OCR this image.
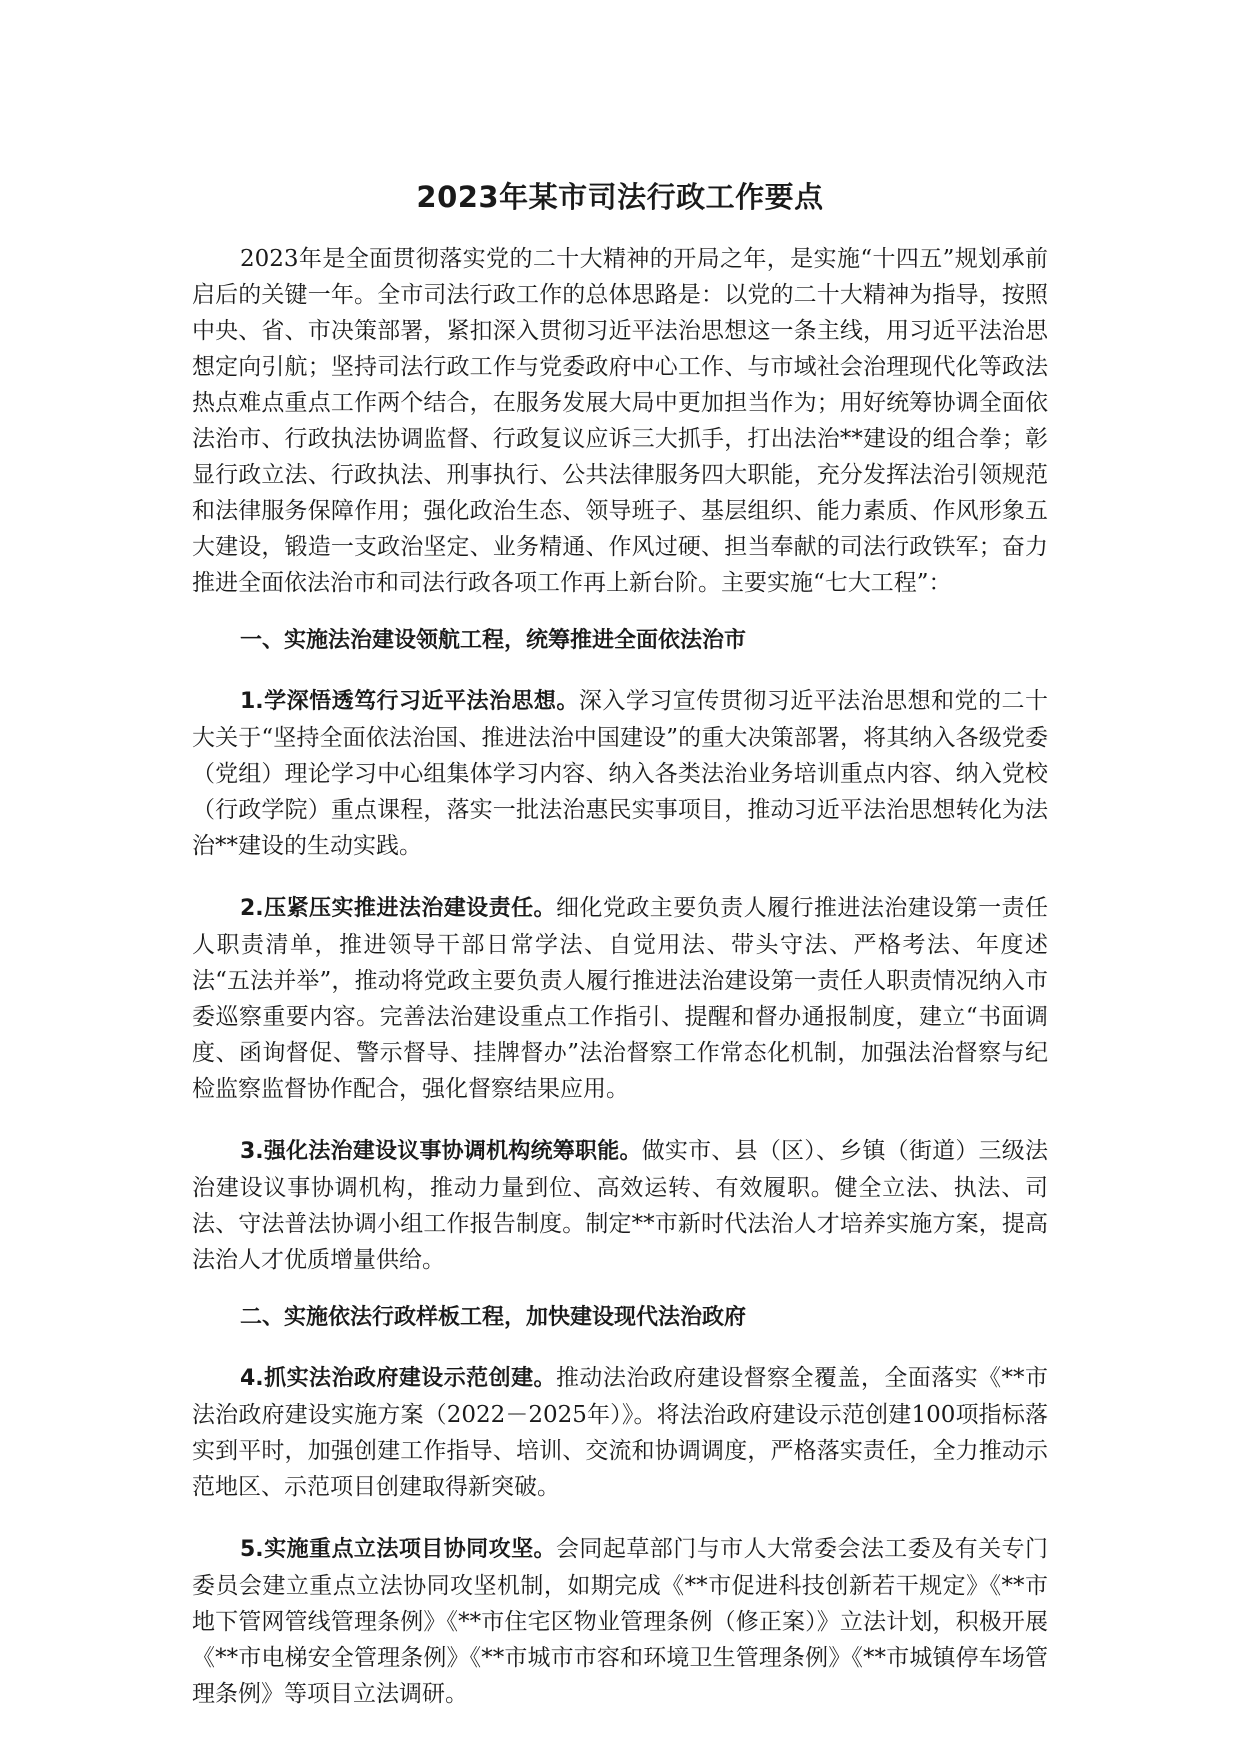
2023年某市司法行政工作要点

2023年是全面贯彻落实党的二十大精神的开局之年，是实施“十四五”规划承前启后的关键一年。全市司法行政工作的总体思路是：以党的二十大精神为指导，按照中央、省、市决策部署，紧扣深入贯彻习近平法治思想这一条主线，用习近平法治思想定向引航；坚持司法行政工作与党委政府中心工作、与市域社会治理现代化等政法热点难点重点工作两个结合，在服务发展大局中更加担当作为；用好统筹协调全面依法治市、行政执法协调监督、行政复议应诉三大抓手，打出法治**建设的组合拳；彰显行政立法、行政执法、刑事执行、公共法律服务四大职能，充分发挥法治引领规范和法律服务保障作用；强化政治生态、领导班子、基层组织、能力素质、作风形象五大建设，锻造一支政治坚定、业务精通、作风过硬、担当奉献的司法行政铁军；奋力推进全面依法治市和司法行政各项工作再上新台阶。主要实施“七大工程”：

一、实施法治建设领航工程，统筹推进全面依法治市

1.学深悟透笃行习近平法治思想。深入学习宣传贯彻习近平法治思想和党的二十大关于“坚持全面依法治国、推进法治中国建设”的重大决策部署，将其纳入各级党委（党组）理论学习中心组集体学习内容、纳入各类法治业务培训重点内容、纳入党校（行政学院）重点课程，落实一批法治惠民实事项目，推动习近平法治思想转化为法治**建设的生动实践。

2.压紧压实推进法治建设责任。细化党政主要负责人履行推进法治建设第一责任人职责清单，推进领导干部日常学法、自觉用法、带头守法、严格考法、年度述法“五法并举”，推动将党政主要负责人履行推进法治建设第一责任人职责情况纳入市委巡察重要内容。完善法治建设重点工作指引、提醒和督办通报制度，建立“书面调度、函询督促、警示督导、挂牌督办”法治督察工作常态化机制，加强法治督察与纪检监察监督协作配合，强化督察结果应用。

3.强化法治建设议事协调机构统筹职能。做实市、县（区）、乡镇（街道）三级法治建设议事协调机构，推动力量到位、高效运转、有效履职。健全立法、执法、司法、守法普法协调小组工作报告制度。制定**市新时代法治人才培养实施方案，提高法治人才优质增量供给。

二、实施依法行政样板工程，加快建设现代法治政府

4.抓实法治政府建设示范创建。推动法治政府建设督察全覆盖，全面落实《**市法治政府建设实施方案（2022－2025年）》。将法治政府建设示范创建100项指标落实到平时，加强创建工作指导、培训、交流和协调调度，严格落实责任，全力推动示范地区、示范项目创建取得新突破。

5.实施重点立法项目协同攻坚。会同起草部门与市人大常委会法工委及有关专门委员会建立重点立法协同攻坚机制，如期完成《**市促进科技创新若干规定》《**市地下管网管线管理条例》《**市住宅区物业管理条例（修正案）》立法计划，积极开展《**市电梯安全管理条例》《**市城市市容和环境卫生管理条例》《**市城镇停车场管理条例》等项目立法调研。
